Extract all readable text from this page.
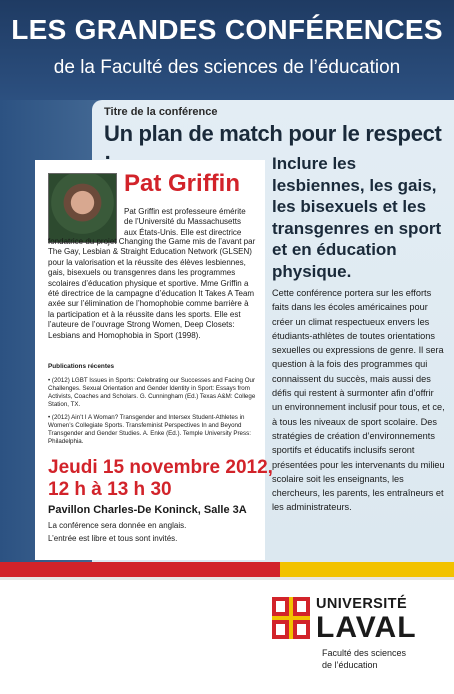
LES GRANDES CONFÉRENCES
de la Faculté des sciences de l’éducation
Titre de la conférence
Un plan de match pour le respect
Inclure les lesbiennes, les gais, les bisexuels et les transgenres en sport et en éducation physique.
Cette conférence portera sur les efforts faits dans les écoles américaines pour créer un climat respectueux envers les étudiants-athlètes de toutes orientations sexuelles ou expressions de genre. Il sera question à la fois des programmes qui connaissent du succès, mais aussi des défis qui restent à surmonter afin d’offrir un environnement inclusif pour tous, et ce, à tous les niveaux de sport scolaire. Des stratégies de création d’environnements sportifs et éducatifs inclusifs seront présentées pour les intervenants du milieu scolaire soit les enseignants, les chercheurs, les parents, les entraîneurs et les administrateurs.
Pat Griffin
Pat Griffin est professeure émérite de l’Université du Massachusetts aux États-Unis. Elle est directrice
fondatrice du projet Changing the Game mis de l’avant par The Gay, Lesbian & Straight Education Network (GLSEN) pour la valorisation et la réussite des élèves lesbiennes, gais, bisexuels ou transgenres dans les programmes scolaires d’éducation physique et sportive. Mme Griffin a été directrice de la campagne d’éducation It Takes A Team axée sur l’élimination de l’homophobie comme barrière à la participation et à la réussite dans les sports. Elle est l’auteure de l’ouvrage Strong Women, Deep Closets: Lesbians and Homophobia in Sport (1998).
Publications récentes
• (2012) LGBT Issues in Sports: Celebrating our Successes and Facing Our Challenges. Sexual Orientation and Gender Identity in Sport: Essays from Activists, Coaches and Scholars. G. Cunningham (Ed.) Texas A&M: College Station, TX.
• (2012) Ain’t I A Woman? Transgender and Intersex Student-Athletes in Women’s Collegiate Sports. Transfeminist Perspectives In and Beyond Transgender and Gender Studies. A. Enke (Ed.). Temple University Press: Philadelphia.
Jeudi 15 novembre 2012,
12 h à 13 h 30
Pavillon Charles-De Koninck, Salle 3A
La conférence sera donnée en anglais.
L’entrée est libre et tous sont invités.
UNIVERSITÉ
LAVAL
Faculté des sciences
de l’éducation
